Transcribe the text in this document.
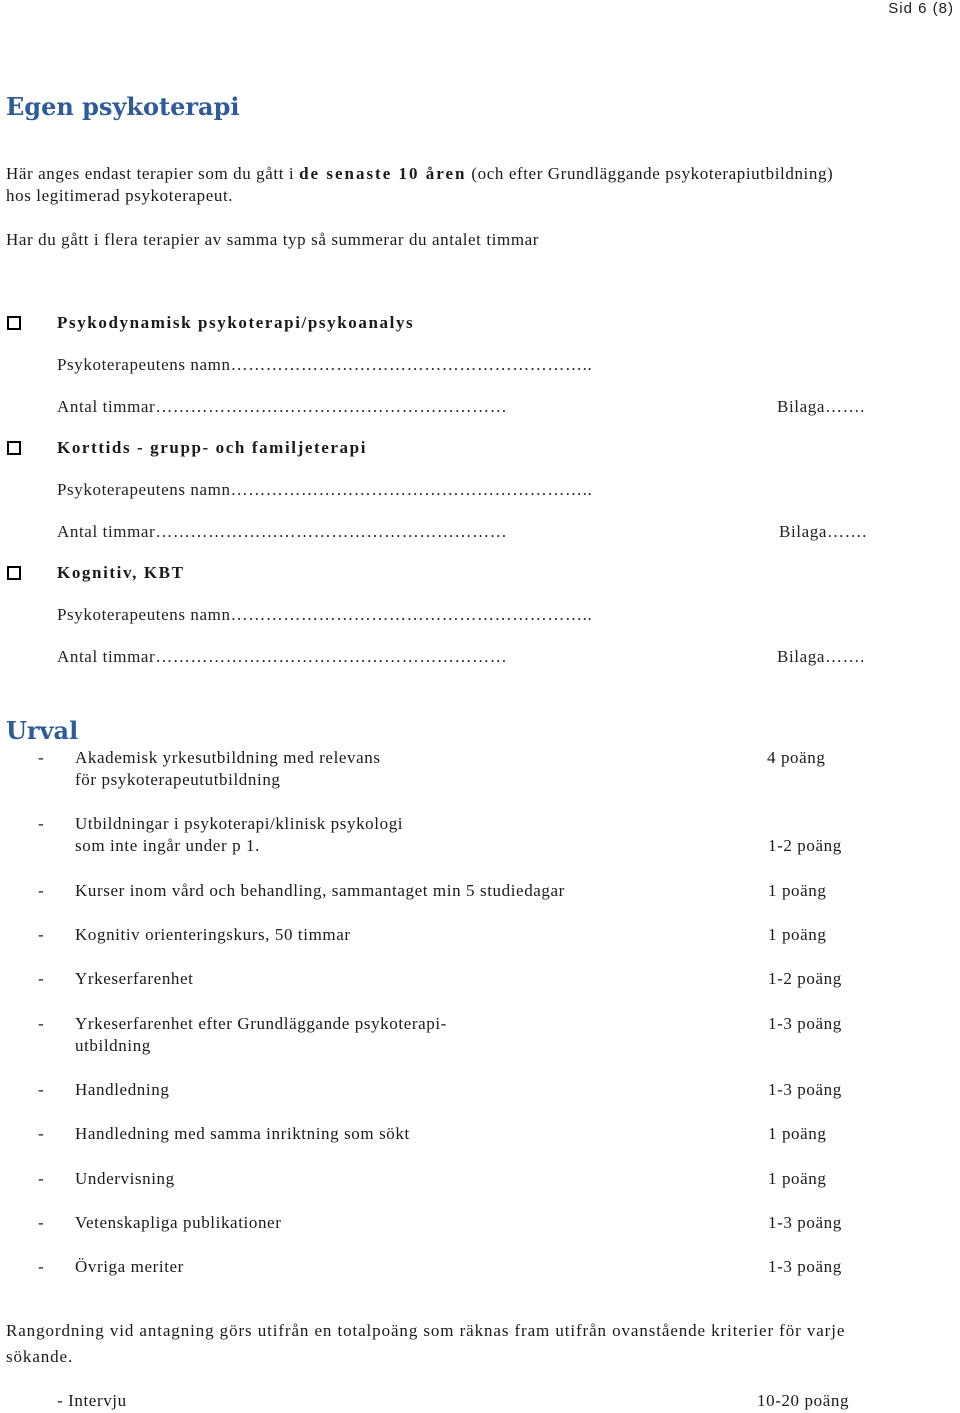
Sid 6 (8)
Egen psykoterapi
Här anges endast terapier som du gått i de senaste 10 åren (och efter Grundläggande psykoterapiutbildning)
hos legitimerad psykoterapeut.
Har du gått i flera terapier av samma typ så summerar du antalet timmar
Psykodynamisk psykoterapi/psykoanalys
Psykoterapeutens namn……………………………………………………..
Antal timmar……………………………………………………	Bilaga…….
Korttids - grupp- och familjeterapi
Psykoterapeutens namn……………………………………………………..
Antal timmar……………………………………………………	Bilaga…….
Kognitiv, KBT
Psykoterapeutens namn……………………………………………………..
Antal timmar……………………………………………………	Bilaga…….
Urval
- Akademisk yrkesutbildning med relevans
för psykoterapeututbildning
4 poäng
- Utbildningar i psykoterapi/klinisk psykologi
som inte ingår under p 1.	1-2 poäng
- Kurser inom vård och behandling, sammantaget min 5 studiedagar	1 poäng
- Kognitiv orienteringskurs, 50 timmar	1 poäng
- Yrkeserfarenhet	1-2 poäng
- Yrkeserfarenhet efter Grundläggande psykoterapi-
utbildning
1-3 poäng
- Handledning	1-3 poäng
- Handledning med samma inriktning som sökt	1 poäng
- Undervisning	1 poäng
- Vetenskapliga publikationer	1-3 poäng
- Övriga meriter	1-3 poäng
Rangordning vid antagning görs utifrån en totalpoäng som räknas fram utifrån ovanstående kriterier för varje
sökande.
- Intervju	10-20 poäng
